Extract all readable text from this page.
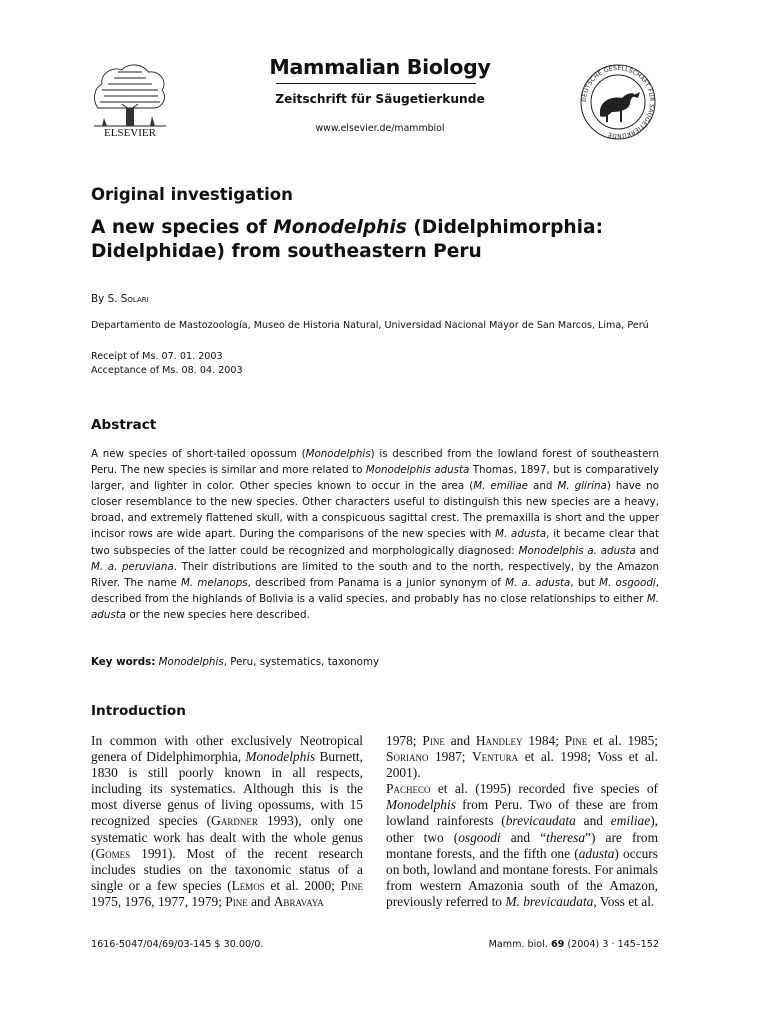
ELSEVIER
Mammalian Biology
Zeitschrift für Säugetierkunde
www.elsevier.de/mammbiol
DEUTSCHE GESELLSCHAFT FÜR SÄUGETIERKUNDE
Original investigation
A new species of Monodelphis (Didelphimorphia: Didelphidae) from southeastern Peru
By S. Solari
Departamento de Mastozoología, Museo de Historia Natural, Universidad Nacional Mayor de San Marcos, Lima, Perú
Receipt of Ms. 07. 01. 2003
Acceptance of Ms. 08. 04. 2003
Abstract

A new species of short-tailed opossum (Monodelphis) is described from the lowland forest of southeastern Peru. The new species is similar and more related to Monodelphis adusta Thomas, 1897, but is comparatively larger, and lighter in color. Other species known to occur in the area (M. emiliae and M. glirina) have no closer resemblance to the new species. Other characters useful to distinguish this new species are a heavy, broad, and extremely flattened skull, with a conspicuous sagittal crest. The premaxilla is short and the upper incisor rows are wide apart. During the comparisons of the new species with M. adusta, it became clear that two subspecies of the latter could be recognized and morphologically diagnosed: Monodelphis a. adusta and M. a. peruviana. Their distributions are limited to the south and to the north, respectively, by the Amazon River. The name M. melanops, described from Panama is a junior synonym of M. a. adusta, but M. osgoodi, described from the highlands of Bolivia is a valid species, and probably has no close relationships to either M. adusta or the new species here described.

Key words: Monodelphis, Peru, systematics, taxonomy
Introduction

In common with other exclusively Neotropical genera of Didelphimorphia, Monodelphis Burnett, 1830 is still poorly known in all respects, including its systematics. Although this is the most diverse genus of living opossums, with 15 recognized species (Gardner 1993), only one systematic work has dealt with the whole genus (Gomes 1991). Most of the recent research includes studies on the taxonomic status of a single or a few species (Lemos et al. 2000; Pine 1975, 1976, 1977, 1979; Pine and Abravaya

1978; Pine and Handley 1984; Pine et al. 1985; Soriano 1987; Ventura et al. 1998; Voss et al. 2001).

Pacheco et al. (1995) recorded five species of Monodelphis from Peru. Two of these are from lowland rainforests (brevicaudata and emiliae), other two (osgoodi and “theresa”) are from montane forests, and the fifth one (adusta) occurs on both, lowland and montane forests. For animals from western Amazonia south of the Amazon, previously referred to M. brevicaudata, Voss et al.

1616-5047/04/69/03-145 $ 30.00/0.	Mamm. biol. 69 (2004) 3 · 145–152
